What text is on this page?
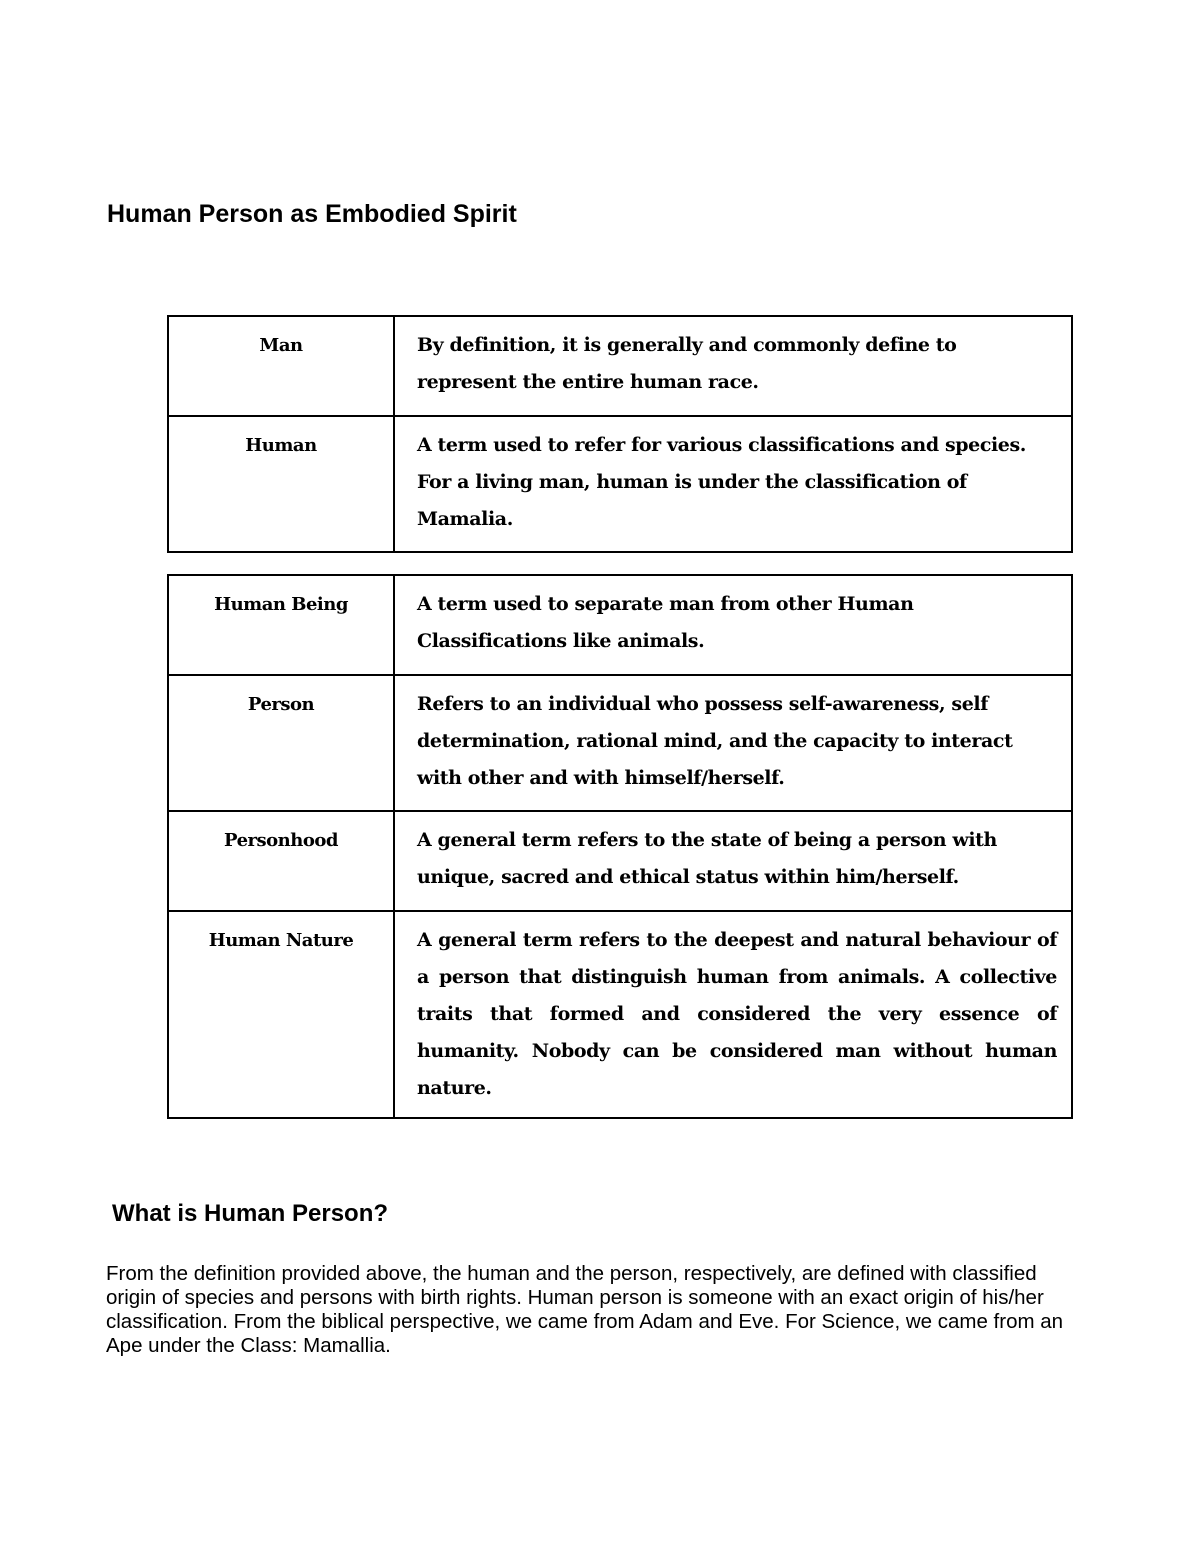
Human Person as Embodied Spirit
Man	By definition, it is generally and commonly define to represent the entire human race.
Human	A term used to refer for various classifications and species. For a living man, human is under the classification of Mamalia.
Human Being	A term used to separate man from other Human Classifications like animals.
Person	Refers to an individual who possess self-awareness, self determination, rational mind, and the capacity to interact with other and with himself/herself.
Personhood	A general term refers to the state of being a person with unique, sacred and ethical status within him/herself.
Human Nature	A general term refers to the deepest and natural behaviour of a person that distinguish human from animals. A collective traits that formed and considered the very essence of humanity. Nobody can be considered man without human nature.
What is Human Person?

From the definition provided above, the human and the person, respectively, are defined with classified origin of species and persons with birth rights. Human person is someone with an exact origin of his/her classification. From the biblical perspective, we came from Adam and Eve. For Science, we came from an Ape under the Class: Mamallia.
